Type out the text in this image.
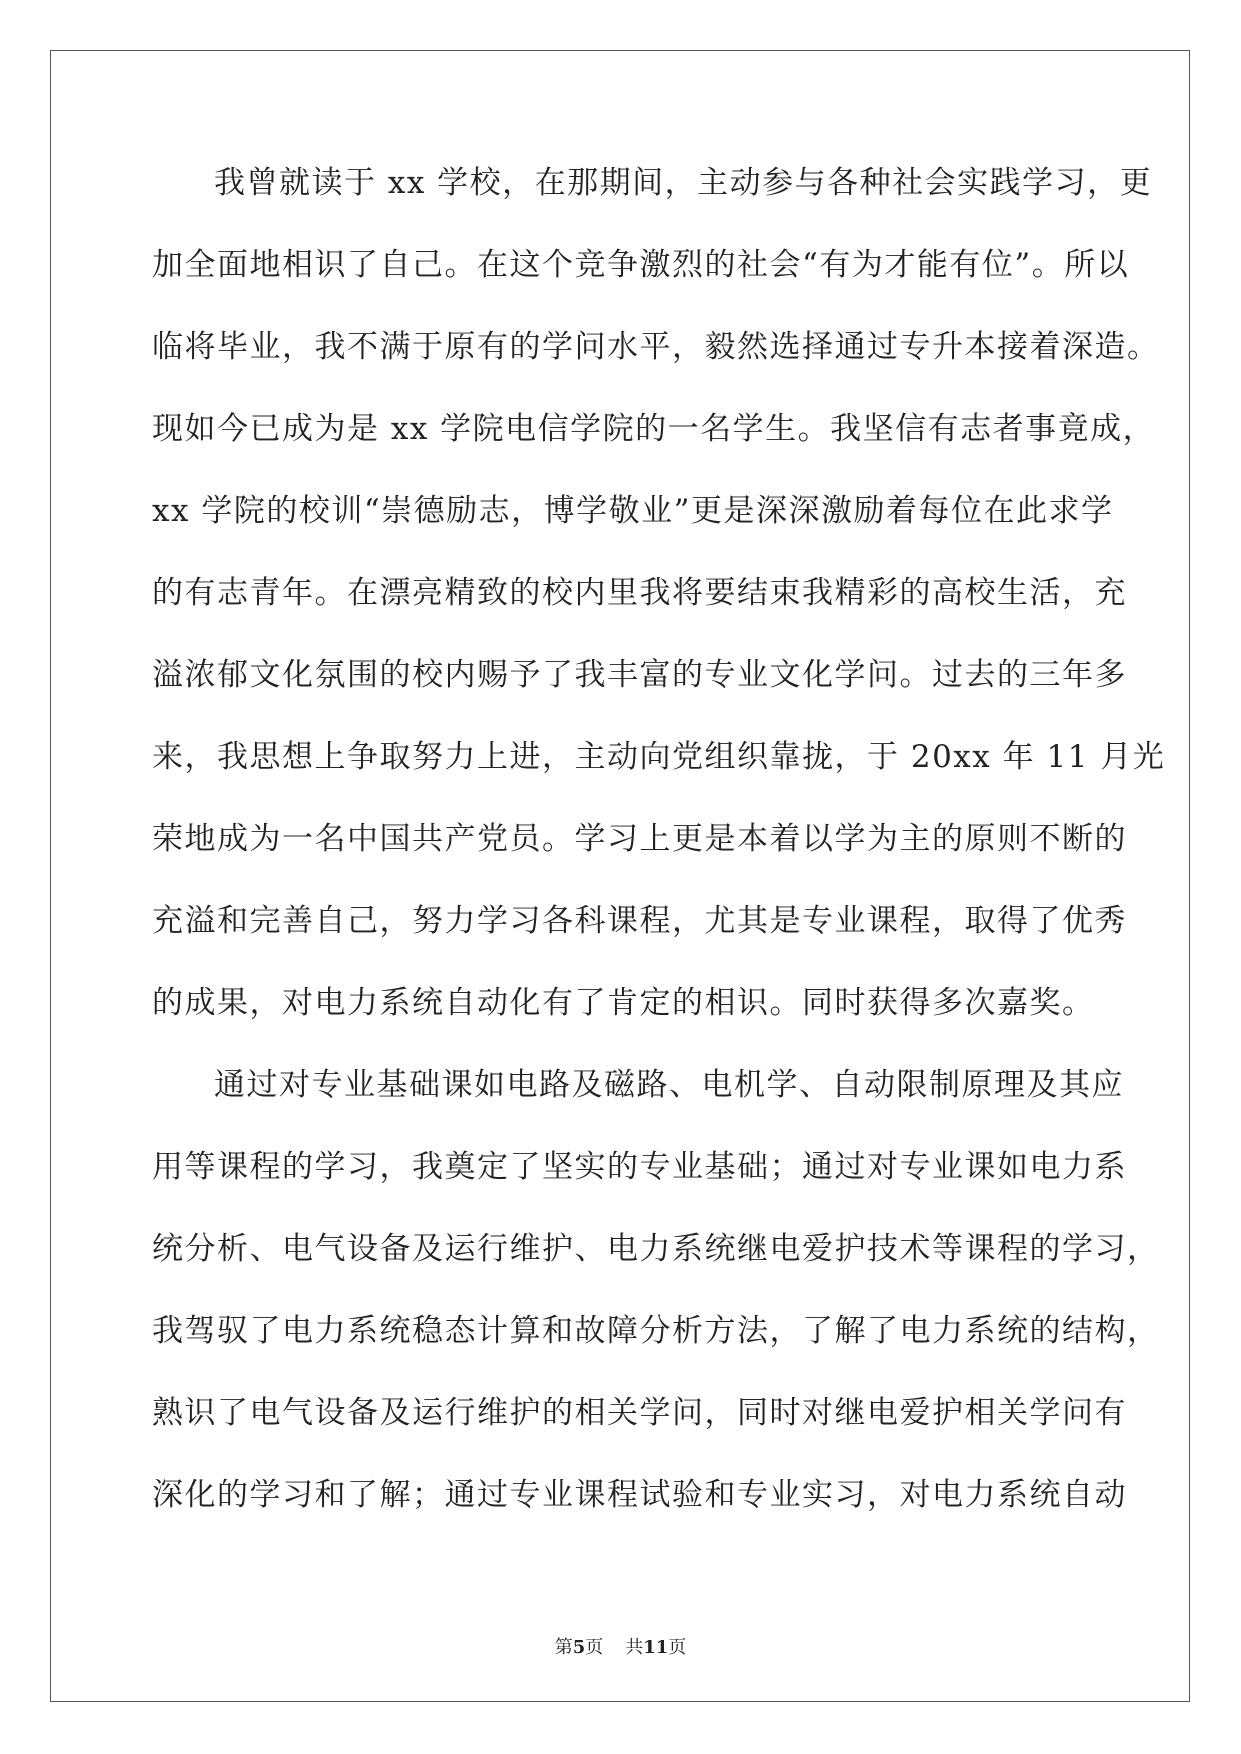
我曾就读于 xx 学校，在那期间，主动参与各种社会实践学习，更
加全面地相识了自己。在这个竞争激烈的社会“有为才能有位”。所以
临将毕业，我不满于原有的学问水平，毅然选择通过专升本接着深造。
现如今已成为是 xx 学院电信学院的一名学生。我坚信有志者事竟成，
xx 学院的校训“崇德励志，博学敬业”更是深深激励着每位在此求学
的有志青年。在漂亮精致的校内里我将要结束我精彩的高校生活，充
溢浓郁文化氛围的校内赐予了我丰富的专业文化学问。过去的三年多
来，我思想上争取努力上进，主动向党组织靠拢，于 20xx 年 11 月光
荣地成为一名中国共产党员。学习上更是本着以学为主的原则不断的
充溢和完善自己，努力学习各科课程，尤其是专业课程，取得了优秀
的成果，对电力系统自动化有了肯定的相识。同时获得多次嘉奖。
通过对专业基础课如电路及磁路、电机学、自动限制原理及其应
用等课程的学习，我奠定了坚实的专业基础；通过对专业课如电力系
统分析、电气设备及运行维护、电力系统继电爱护技术等课程的学习，
我驾驭了电力系统稳态计算和故障分析方法，了解了电力系统的结构，
熟识了电气设备及运行维护的相关学问，同时对继电爱护相关学问有
深化的学习和了解；通过专业课程试验和专业实习，对电力系统自动
第5页 共11页
